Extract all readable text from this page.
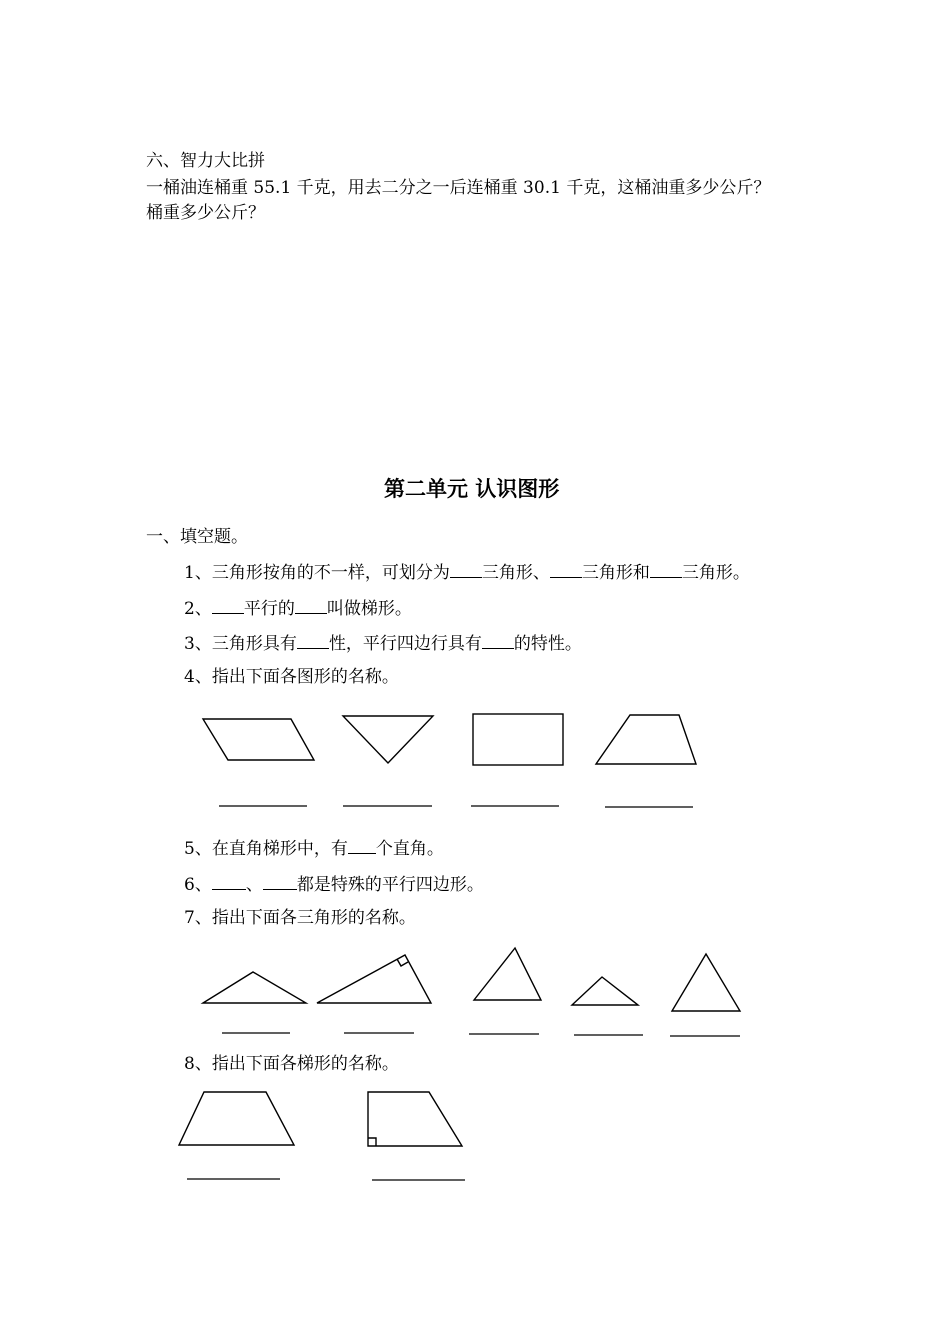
六、智力大比拼
一桶油连桶重 55.1 千克，用去二分之一后连桶重 30.1 千克，这桶油重多少公斤？
桶重多少公斤？
第二单元 认识图形
一、填空题。
1、三角形按角的不一样，可划分为 三角形、 三角形和 三角形。
2、 平行的 叫做梯形。
3、三角形具有 性，平行四边行具有 的特性。
4、指出下面各图形的名称。
5、在直角梯形中，有 个直角。
6、 、 都是特殊的平行四边形。
7、指出下面各三角形的名称。
8、指出下面各梯形的名称。
